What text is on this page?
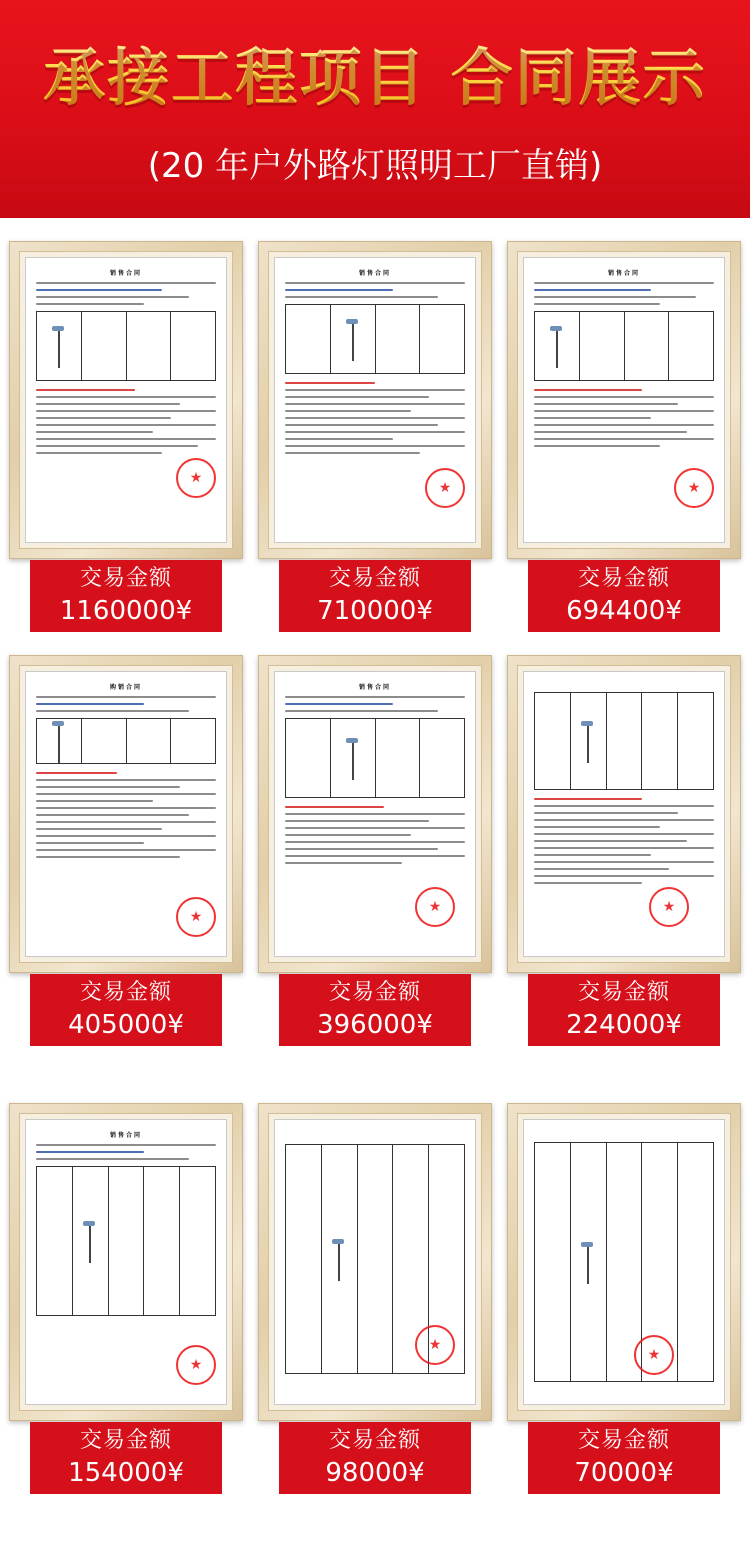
承接工程项目 合同展示
(20 年户外路灯照明工厂直销)
销售合同
★
交易金额
1160000¥
销售合同
★
交易金额
710000¥
销售合同
★
交易金额
694400¥
购销合同
★
交易金额
405000¥
销售合同
★
交易金额
396000¥
★
交易金额
224000¥
销售合同
★
交易金额
154000¥
★
交易金额
98000¥
★
交易金额
70000¥
